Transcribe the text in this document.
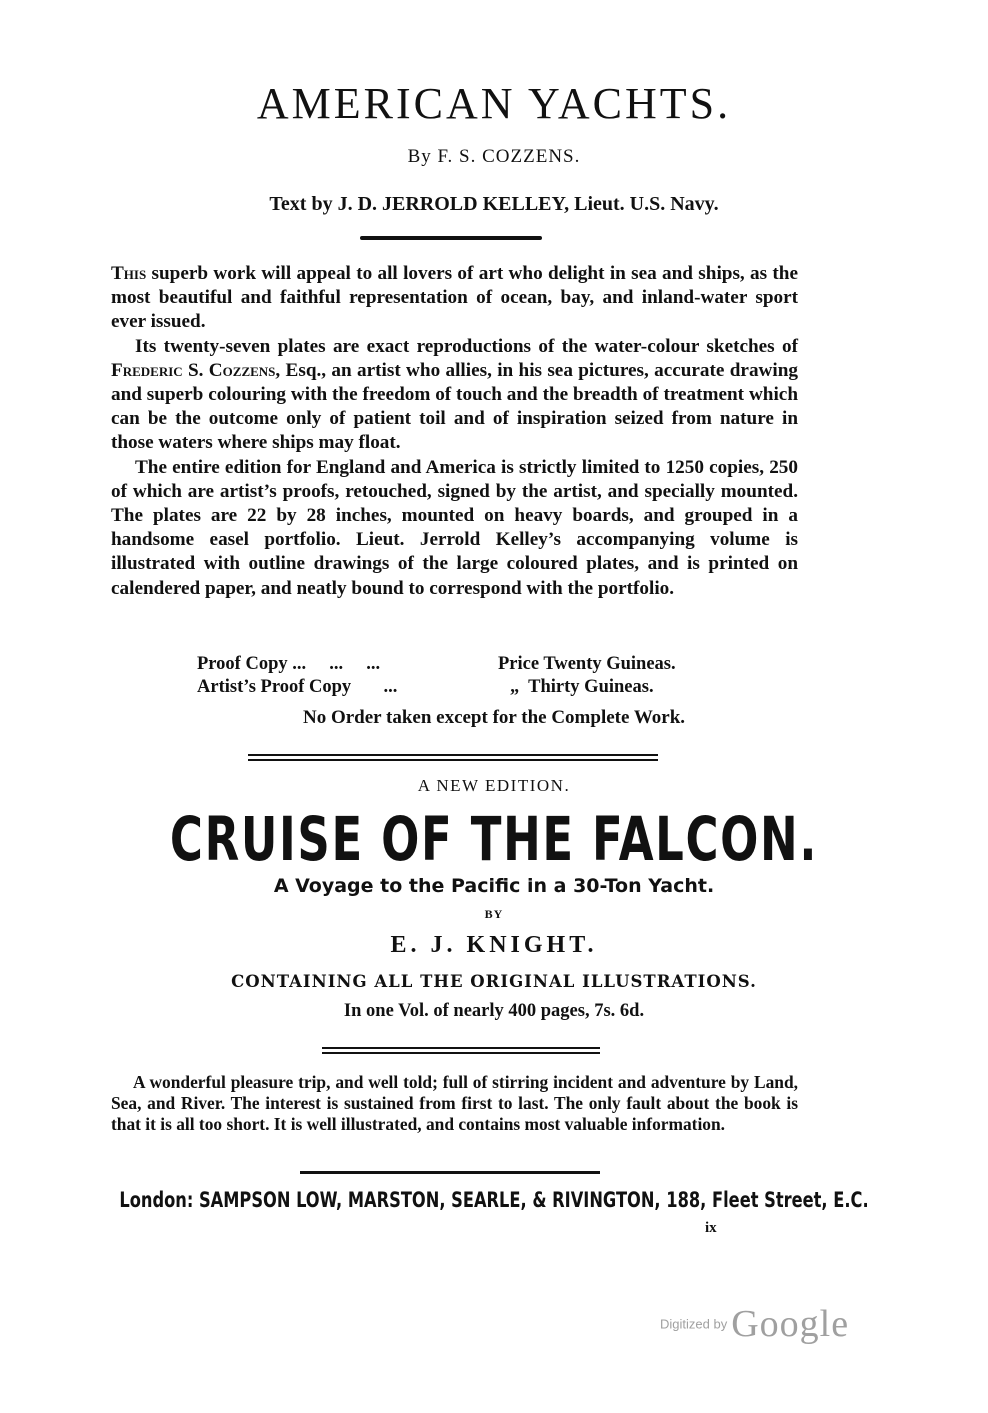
AMERICAN YACHTS.
By F. S. COZZENS.
Text by J. D. JERROLD KELLEY, Lieut. U.S. Navy.

This superb work will appeal to all lovers of art who delight in sea and ships, as the most beautiful and faithful representation of ocean, bay, and inland-water sport ever issued.

Its twenty-seven plates are exact reproductions of the water-colour sketches of Frederic S. Cozzens, Esq., an artist who allies, in his sea pictures, accurate drawing and superb colouring with the freedom of touch and the breadth of treatment which can be the outcome only of patient toil and of inspiration seized from nature in those waters where ships may float.

The entire edition for England and America is strictly limited to 1250 copies, 250 of which are artist’s proofs, retouched, signed by the artist, and specially mounted. The plates are 22 by 28 inches, mounted on heavy boards, and grouped in a handsome easel portfolio. Lieut. Jerrold Kelley’s accompanying volume is illustrated with outline drawings of the large coloured plates, and is printed on calendered paper, and neatly bound to correspond with the portfolio.

Proof Copy ...     ...     ...	Price Twenty Guineas.
Artist’s Proof Copy       ...	„  Thirty Guineas.
No Order taken except for the Complete Work.
A NEW EDITION.
CRUISE OF THE FALCON.
A Voyage to the Pacific in a 30-Ton Yacht.
BY
E. J. KNIGHT.
CONTAINING ALL THE ORIGINAL ILLUSTRATIONS.
In one Vol. of nearly 400 pages, 7s. 6d.
A wonderful pleasure trip, and well told; full of stirring incident and adventure by Land, Sea, and River. The interest is sustained from first to last. The only fault about the book is that it is all too short. It is well illustrated, and contains most valuable information.
London: SAMPSON LOW, MARSTON, SEARLE, & RIVINGTON, 188, Fleet Street, E.C.
ix
Digitized by Google
